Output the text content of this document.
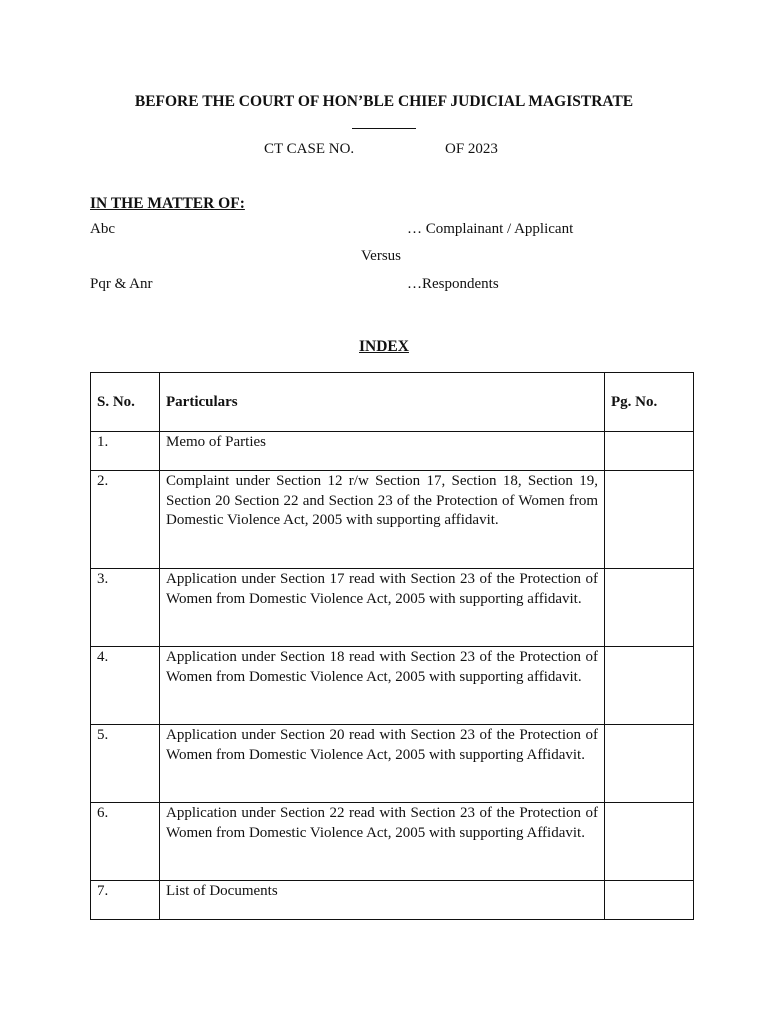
BEFORE THE COURT OF HON’BLE CHIEF JUDICIAL MAGISTRATE
CT CASE NO.	OF 2023
IN THE MATTER OF:
Abc	… Complainant / Applicant
Versus
Pqr & Anr	…Respondents
INDEX
S. No.	Particulars	Pg. No.

1.	Memo of Parties	

2.	Complaint under Section 12 r/w Section 17, Section 18, Section 19, Section 20 Section 22 and Section 23 of the Protection of Women from Domestic Violence Act, 2005 with supporting affidavit.	

3.	Application under Section 17 read with Section 23 of the Protection of Women from Domestic Violence Act, 2005 with supporting affidavit.	

4.	Application under Section 18 read with Section 23 of the Protection of Women from Domestic Violence Act, 2005 with supporting affidavit.	

5.	Application under Section 20 read with Section 23 of the Protection of Women from Domestic Violence Act, 2005 with supporting Affidavit.	

6.	Application under Section 22 read with Section 23 of the Protection of Women from Domestic Violence Act, 2005 with supporting Affidavit.	

7.	List of Documents	
